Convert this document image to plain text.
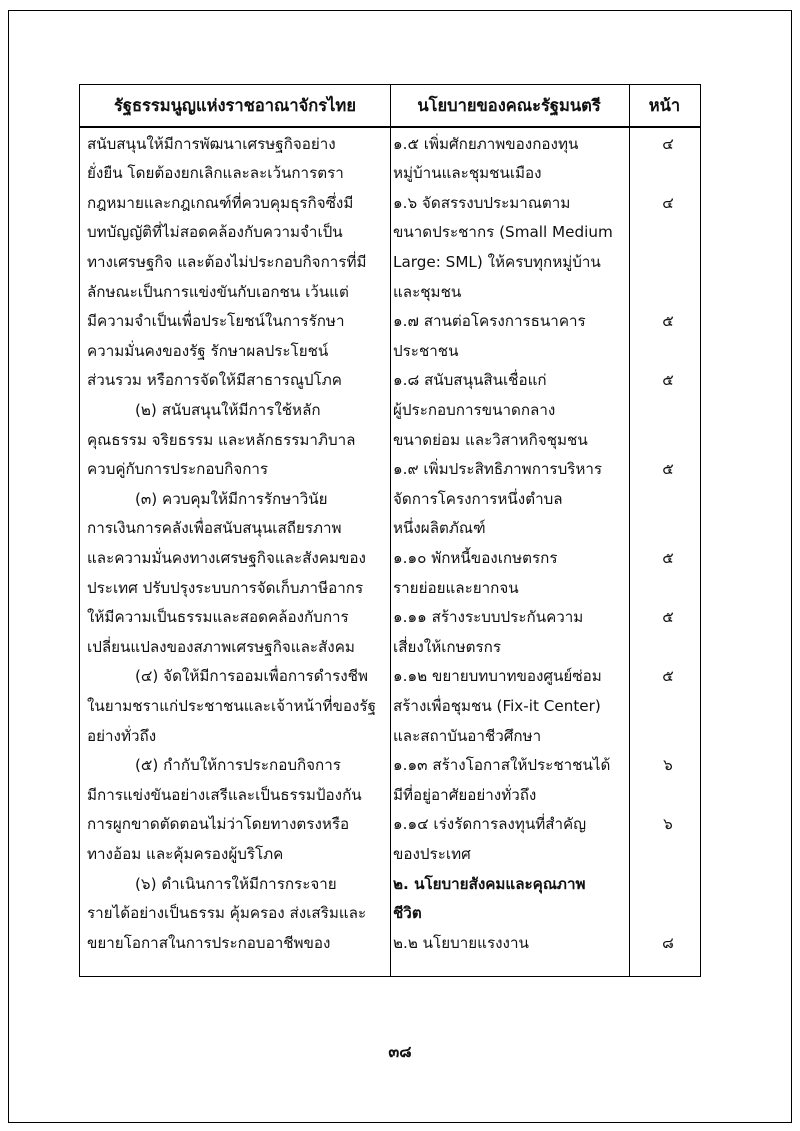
รัฐธรรมนูญแห่งราชอาณาจักรไทย	นโยบายของคณะรัฐมนตรี	หน้า
สนับสนุนให้มีการพัฒนาเศรษฐกิจอย่าง	๑.๕ เพิ่มศักยภาพของกองทุน	๔
ยั่งยืน โดยต้องยกเลิกและละเว้นการตรา	หมู่บ้านและชุมชนเมือง
กฎหมายและกฎเกณฑ์ที่ควบคุมธุรกิจซึ่งมี	๑.๖ จัดสรรงบประมาณตาม	๔
บทบัญญัติที่ไม่สอดคล้องกับความจำเป็น	ขนาดประชากร (Small Medium
ทางเศรษฐกิจ และต้องไม่ประกอบกิจการที่มี	Large: SML) ให้ครบทุกหมู่บ้าน
ลักษณะเป็นการแข่งขันกับเอกชน เว้นแต่	และชุมชน
มีความจำเป็นเพื่อประโยชน์ในการรักษา	๑.๗ สานต่อโครงการธนาคาร	๕
ความมั่นคงของรัฐ รักษาผลประโยชน์	ประชาชน
ส่วนรวม หรือการจัดให้มีสาธารณูปโภค	๑.๘ สนับสนุนสินเชื่อแก่	๕
(๒) สนับสนุนให้มีการใช้หลัก	ผู้ประกอบการขนาดกลาง
คุณธรรม จริยธรรม และหลักธรรมาภิบาล	ขนาดย่อม และวิสาหกิจชุมชน
ควบคู่กับการประกอบกิจการ	๑.๙ เพิ่มประสิทธิภาพการบริหาร	๕
(๓) ควบคุมให้มีการรักษาวินัย	จัดการโครงการหนึ่งตำบล
การเงินการคลังเพื่อสนับสนุนเสถียรภาพ	หนึ่งผลิตภัณฑ์
และความมั่นคงทางเศรษฐกิจและสังคมของ	๑.๑๐ พักหนี้ของเกษตรกร	๕
ประเทศ ปรับปรุงระบบการจัดเก็บภาษีอากร	รายย่อยและยากจน
ให้มีความเป็นธรรมและสอดคล้องกับการ	๑.๑๑ สร้างระบบประกันความ	๕
เปลี่ยนแปลงของสภาพเศรษฐกิจและสังคม	เสี่ยงให้เกษตรกร
(๔) จัดให้มีการออมเพื่อการดำรงชีพ	๑.๑๒ ขยายบทบาทของศูนย์ซ่อม	๕
ในยามชราแก่ประชาชนและเจ้าหน้าที่ของรัฐ	สร้างเพื่อชุมชน (Fix-it Center)
อย่างทั่วถึง	และสถาบันอาชีวศึกษา
(๕) กำกับให้การประกอบกิจการ	๑.๑๓ สร้างโอกาสให้ประชาชนได้	๖
มีการแข่งขันอย่างเสรีและเป็นธรรมป้องกัน	มีที่อยู่อาศัยอย่างทั่วถึง
การผูกขาดตัดตอนไม่ว่าโดยทางตรงหรือ	๑.๑๔ เร่งรัดการลงทุนที่สำคัญ	๖
ทางอ้อม และคุ้มครองผู้บริโภค	ของประเทศ
(๖) ดำเนินการให้มีการกระจาย	๒. นโยบายสังคมและคุณภาพ
รายได้อย่างเป็นธรรม คุ้มครอง ส่งเสริมและ	ชีวิต
ขยายโอกาสในการประกอบอาชีพของ	๒.๒ นโยบายแรงงาน	๘
๓๘
